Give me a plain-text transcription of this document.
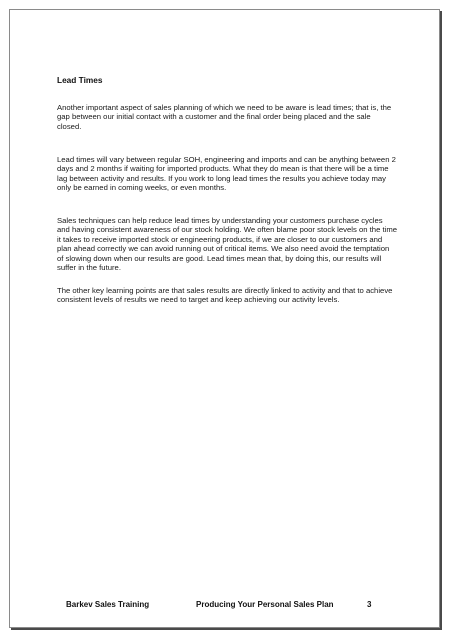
Lead Times

Another important aspect of sales planning of which we need to be aware is lead times; that is, the gap between our initial contact with a customer and the final order being placed and the sale closed.

Lead times will vary between regular SOH, engineering and imports and can be anything between 2 days and 2 months if waiting for imported products. What they do mean is that there will be a time lag between activity and results. If you work to long lead times the results you achieve today may only be earned in coming weeks, or even months.

Sales techniques can help reduce lead times by understanding your customers purchase cycles and having consistent awareness of our stock holding. We often blame poor stock levels on the time it takes to receive imported stock or engineering products, if we are closer to our customers and plan ahead correctly we can avoid running out of critical items. We also need avoid the temptation of slowing down when our results are good. Lead times mean that, by doing this, our results will suffer in the future.

The other key learning points are that sales results are directly linked to activity and that to achieve consistent levels of results we need to target and keep achieving our activity levels.

Barkev Sales Training	Producing Your Personal Sales Plan	3
